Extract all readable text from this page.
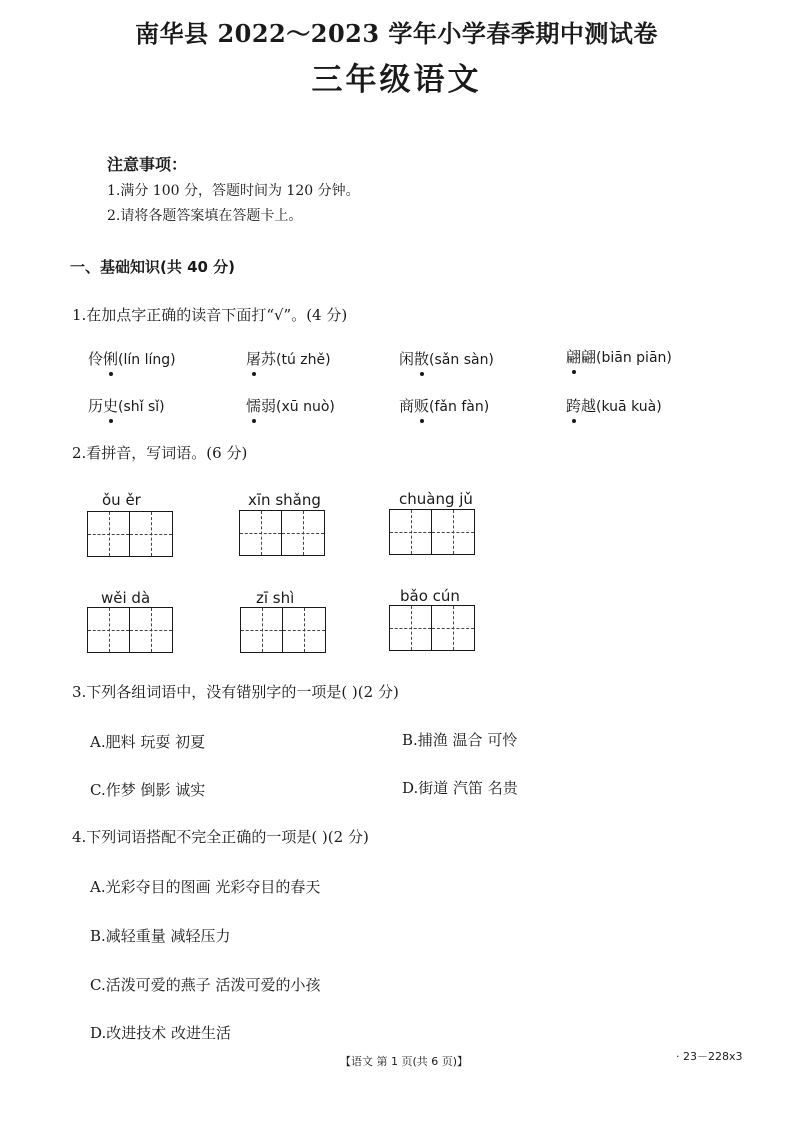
南华县 2022～2023 学年小学春季期中测试卷
三年级语文
注意事项：
1.满分 100 分，答题时间为 120 分钟。
2.请将各题答案填在答题卡上。
一、基础知识(共 40 分)
1.在加点字正确的读音下面打“√”。(4 分)
伶俐(lín líng)	屠苏(tú zhě)	闲散(sǎn sàn)	翩翩(biān piān)
历史(shǐ sǐ)	懦弱(xū nuò)	商贩(fǎn fàn)	跨越(kuā kuà)
2.看拼音，写词语。(6 分)
ǒu ěr	xīn shǎng	chuàng jǔ
wěi dà	zī shì	bǎo cún
3.下列各组词语中，没有错别字的一项是( )(2 分)
A.肥料 玩耍 初夏	B.捕渔 温合 可怜
C.作梦 倒影 诚实	D.街道 汽笛 名贵
4.下列词语搭配不完全正确的一项是( )(2 分)
A.光彩夺目的图画 光彩夺目的春天
B.减轻重量 减轻压力
C.活泼可爱的燕子 活泼可爱的小孩
D.改进技术 改进生活
【语文 第 1 页(共 6 页)】	· 23－228x3
